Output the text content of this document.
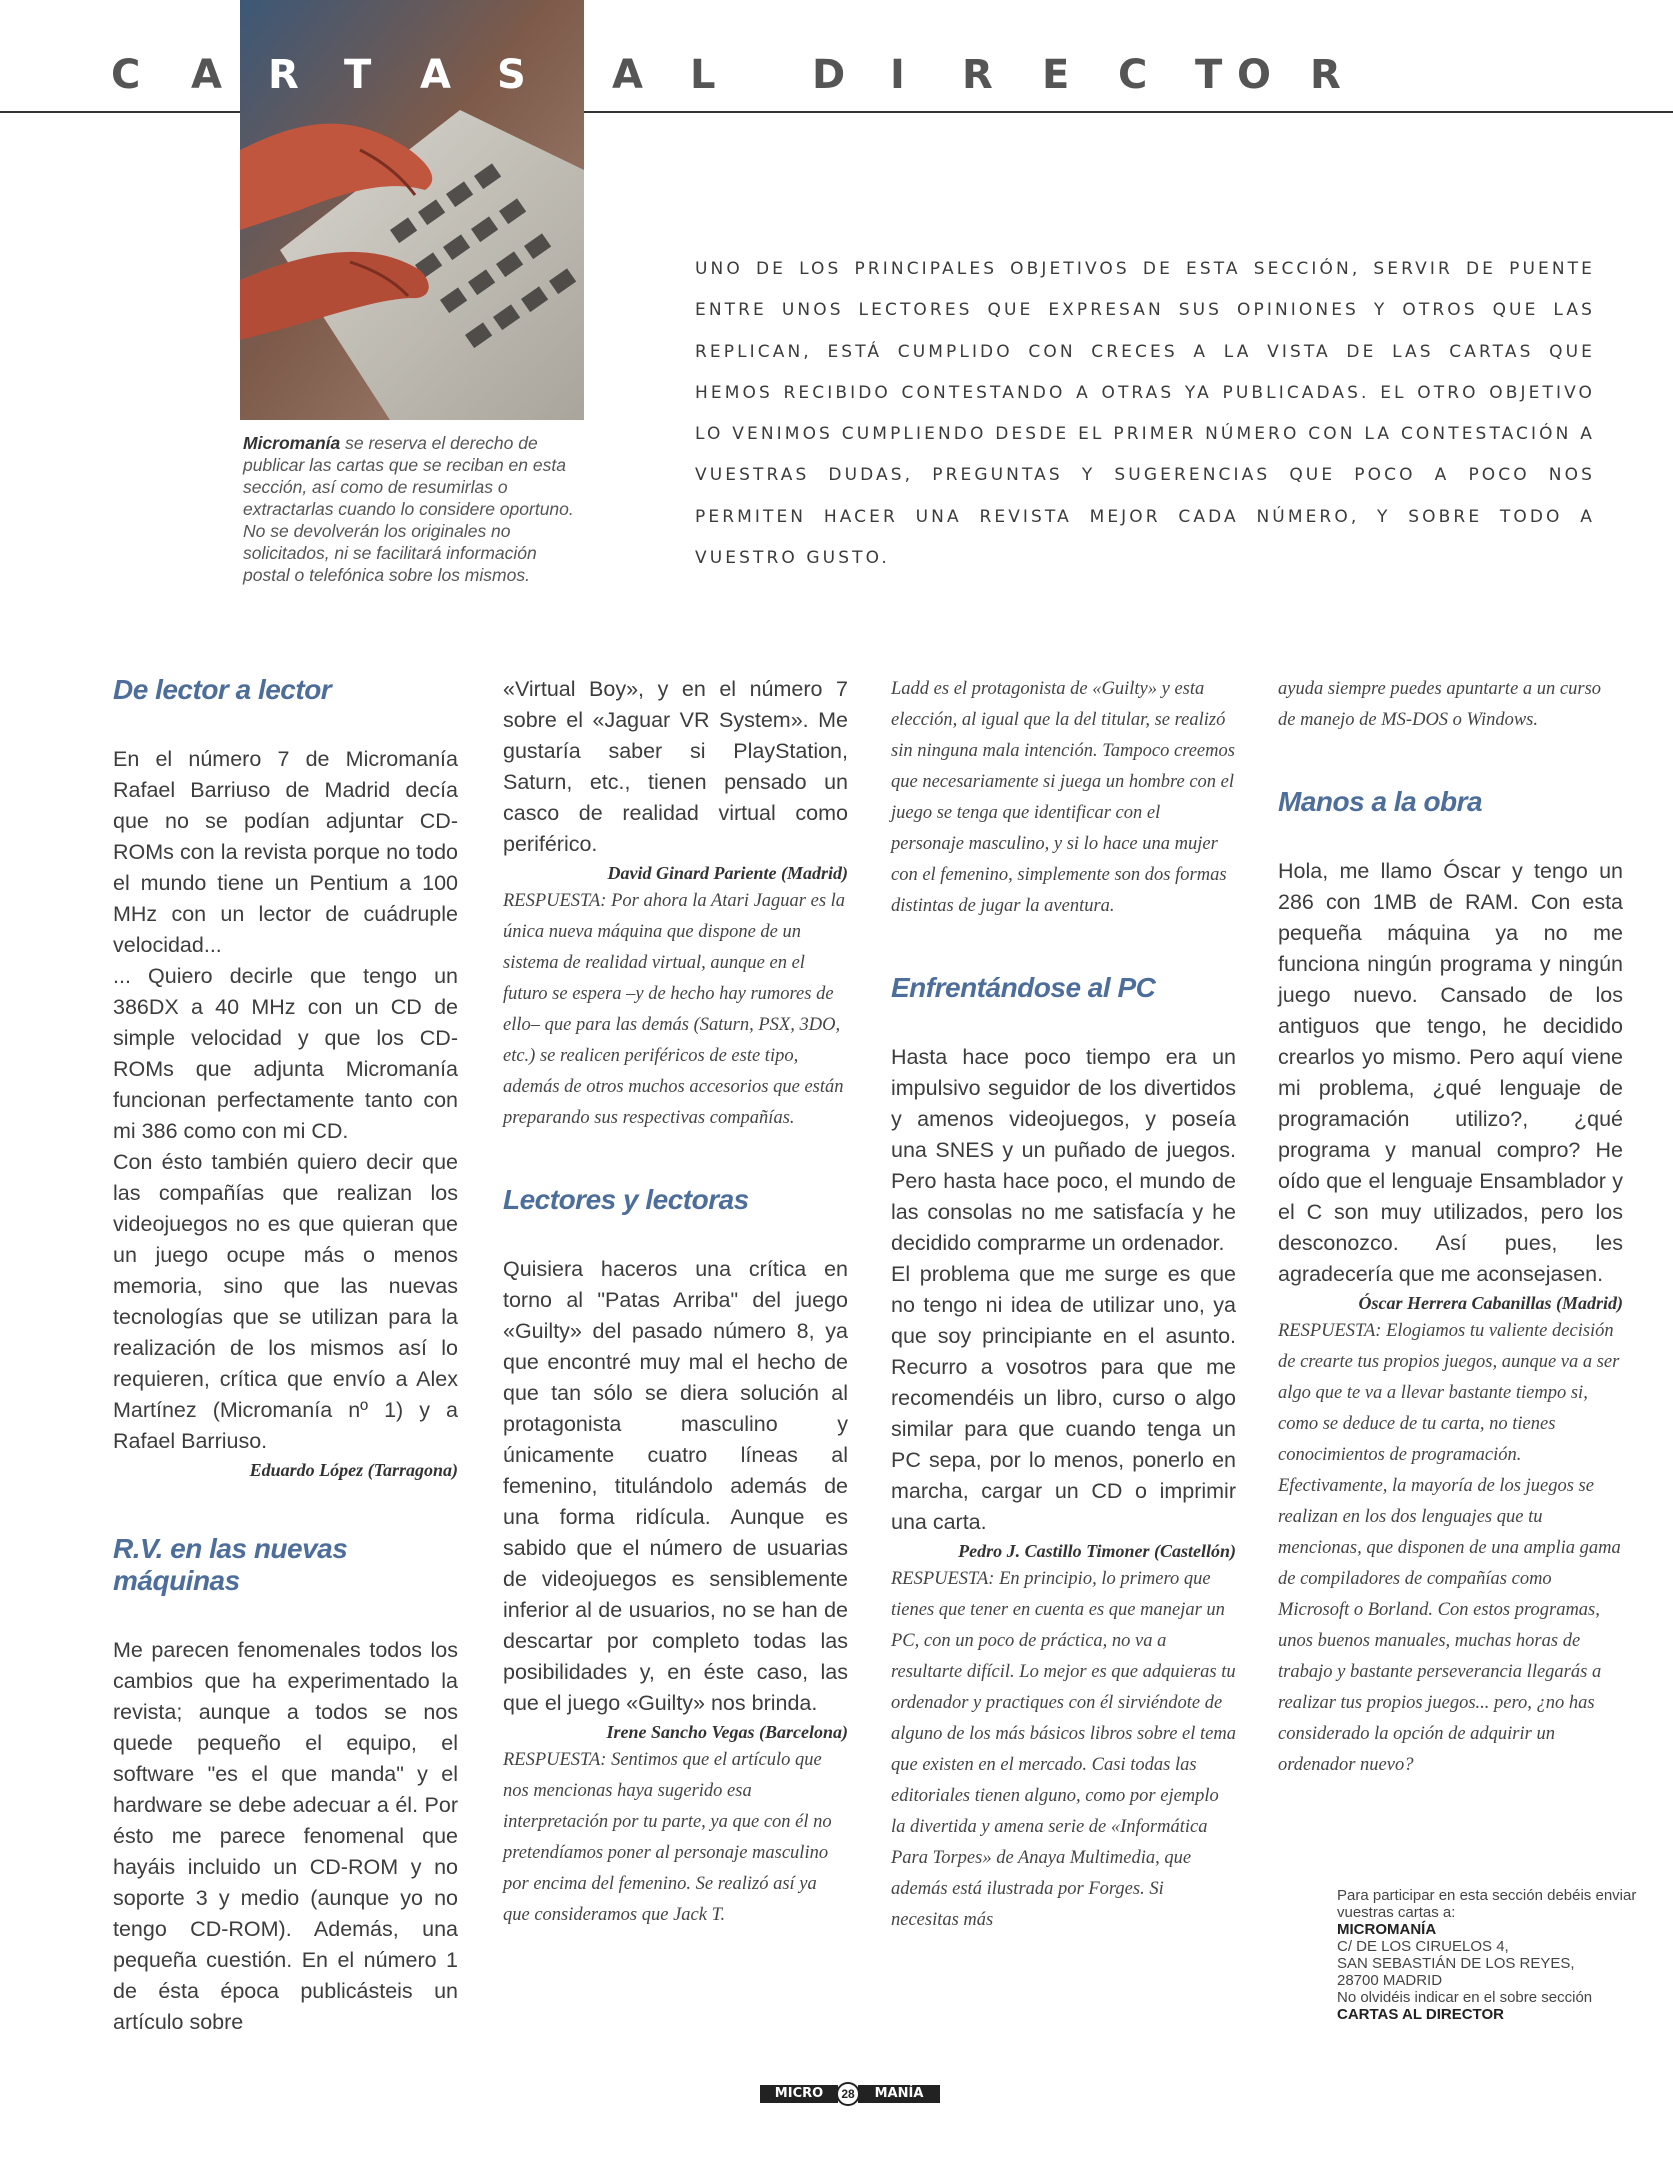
C A R T A S A L D I R E C T O R
Micromanía se reserva el derecho de publicar las cartas que se reciban en esta sección, así como de resumirlas o extractarlas cuando lo considere oportuno. No se devolverán los originales no solicitados, ni se facilitará información postal o telefónica sobre los mismos.
UNO DE LOS PRINCIPALES OBJETIVOS DE ESTA SECCIÓN, SERVIR DE PUENTE ENTRE UNOS LECTORES QUE EXPRESAN SUS OPINIONES Y OTROS QUE LAS REPLICAN, ESTÁ CUMPLIDO CON CRECES A LA VISTA DE LAS CARTAS QUE HEMOS RECIBIDO CONTESTANDO A OTRAS YA PUBLICADAS. EL OTRO OBJETIVO LO VENIMOS CUMPLIENDO DESDE EL PRIMER NÚMERO CON LA CONTESTACIÓN A VUESTRAS DUDAS, PREGUNTAS Y SUGERENCIAS QUE POCO A POCO NOS PERMITEN HACER UNA REVISTA MEJOR CADA NÚMERO, Y SOBRE TODO A VUESTRO GUSTO.
De lector a lector

En el número 7 de Micromanía Rafael Barriuso de Madrid decía que no se podían adjuntar CD-ROMs con la revista porque no todo el mundo tiene un Pentium a 100 MHz con un lector de cuádruple velocidad...

... Quiero decirle que tengo un 386DX a 40 MHz con un CD de simple velocidad y que los CD-ROMs que adjunta Micromanía funcionan perfectamente tanto con mi 386 como con mi CD.

Con ésto también quiero decir que las compañías que realizan los videojuegos no es que quieran que un juego ocupe más o menos memoria, sino que las nuevas tecnologías que se utilizan para la realización de los mismos así lo requieren, crítica que envío a Alex Martínez (Micromanía nº 1) y a Rafael Barriuso.

Eduardo López (Tarragona)

R.V. en las nuevas máquinas

Me parecen fenomenales todos los cambios que ha experimentado la revista; aunque a todos se nos quede pequeño el equipo, el software "es el que manda" y el hardware se debe adecuar a él. Por ésto me parece fenomenal que hayáis incluido un CD-ROM y no soporte 3 y medio (aunque yo no tengo CD-ROM). Además, una pequeña cuestión. En el número 1 de ésta época publicásteis un artículo sobre

«Virtual Boy», y en el número 7 sobre el «Jaguar VR System». Me gustaría saber si PlayStation, Saturn, etc., tienen pensado un casco de realidad virtual como periférico.

David Ginard Pariente (Madrid)

RESPUESTA: Por ahora la Atari Jaguar es la única nueva máquina que dispone de un sistema de realidad virtual, aunque en el futuro se espera –y de hecho hay rumores de ello– que para las demás (Saturn, PSX, 3DO, etc.) se realicen periféricos de este tipo, además de otros muchos accesorios que están preparando sus respectivas compañías.

Lectores y lectoras

Quisiera haceros una crítica en torno al "Patas Arriba" del juego «Guilty» del pasado número 8, ya que encontré muy mal el hecho de que tan sólo se diera solución al protagonista masculino y únicamente cuatro líneas al femenino, titulándolo además de una forma ridícula. Aunque es sabido que el número de usuarias de videojuegos es sensiblemente inferior al de usuarios, no se han de descartar por completo todas las posibilidades y, en éste caso, las que el juego «Guilty» nos brinda.

Irene Sancho Vegas (Barcelona)

RESPUESTA: Sentimos que el artículo que nos mencionas haya sugerido esa interpretación por tu parte, ya que con él no pretendíamos poner al personaje masculino por encima del femenino. Se realizó así ya que consideramos que Jack T.

Ladd es el protagonista de «Guilty» y esta elección, al igual que la del titular, se realizó sin ninguna mala intención. Tampoco creemos que necesariamente si juega un hombre con el juego se tenga que identificar con el personaje masculino, y si lo hace una mujer con el femenino, simplemente son dos formas distintas de jugar la aventura.

Enfrentándose al PC

Hasta hace poco tiempo era un impulsivo seguidor de los divertidos y amenos videojuegos, y poseía una SNES y un puñado de juegos. Pero hasta hace poco, el mundo de las consolas no me satisfacía y he decidido comprarme un ordenador.

El problema que me surge es que no tengo ni idea de utilizar uno, ya que soy principiante en el asunto. Recurro a vosotros para que me recomendéis un libro, curso o algo similar para que cuando tenga un PC sepa, por lo menos, ponerlo en marcha, cargar un CD o imprimir una carta.

Pedro J. Castillo Timoner (Castellón)

RESPUESTA: En principio, lo primero que tienes que tener en cuenta es que manejar un PC, con un poco de práctica, no va a resultarte difícil. Lo mejor es que adquieras tu ordenador y practiques con él sirviéndote de alguno de los más básicos libros sobre el tema que existen en el mercado. Casi todas las editoriales tienen alguno, como por ejemplo la divertida y amena serie de «Informática Para Torpes» de Anaya Multimedia, que además está ilustrada por Forges. Si necesitas más

ayuda siempre puedes apuntarte a un curso de manejo de MS-DOS o Windows.

Manos a la obra

Hola, me llamo Óscar y tengo un 286 con 1MB de RAM. Con esta pequeña máquina ya no me funciona ningún programa y ningún juego nuevo. Cansado de los antiguos que tengo, he decidido crearlos yo mismo. Pero aquí viene mi problema, ¿qué lenguaje de programación utilizo?, ¿qué programa y manual compro? He oído que el lenguaje Ensamblador y el C son muy utilizados, pero los desconozco. Así pues, les agradecería que me aconsejasen.

Óscar Herrera Cabanillas (Madrid)

RESPUESTA: Elogiamos tu valiente decisión de crearte tus propios juegos, aunque va a ser algo que te va a llevar bastante tiempo si, como se deduce de tu carta, no tienes conocimientos de programación. Efectivamente, la mayoría de los juegos se realizan en los dos lenguajes que tu mencionas, que disponen de una amplia gama de compiladores de compañías como Microsoft o Borland. Con estos programas, unos buenos manuales, muchas horas de trabajo y bastante perseverancia llegarás a realizar tus propios juegos... pero, ¿no has considerado la opción de adquirir un ordenador nuevo?

Para participar en esta sección debéis enviar vuestras cartas a:
MICROMANÍA
C/ DE LOS CIRUELOS 4,
SAN SEBASTIÁN DE LOS REYES,
28700 MADRID
No olvidéis indicar en el sobre sección
CARTAS AL DIRECTOR
MICRO	MANÍA
28
